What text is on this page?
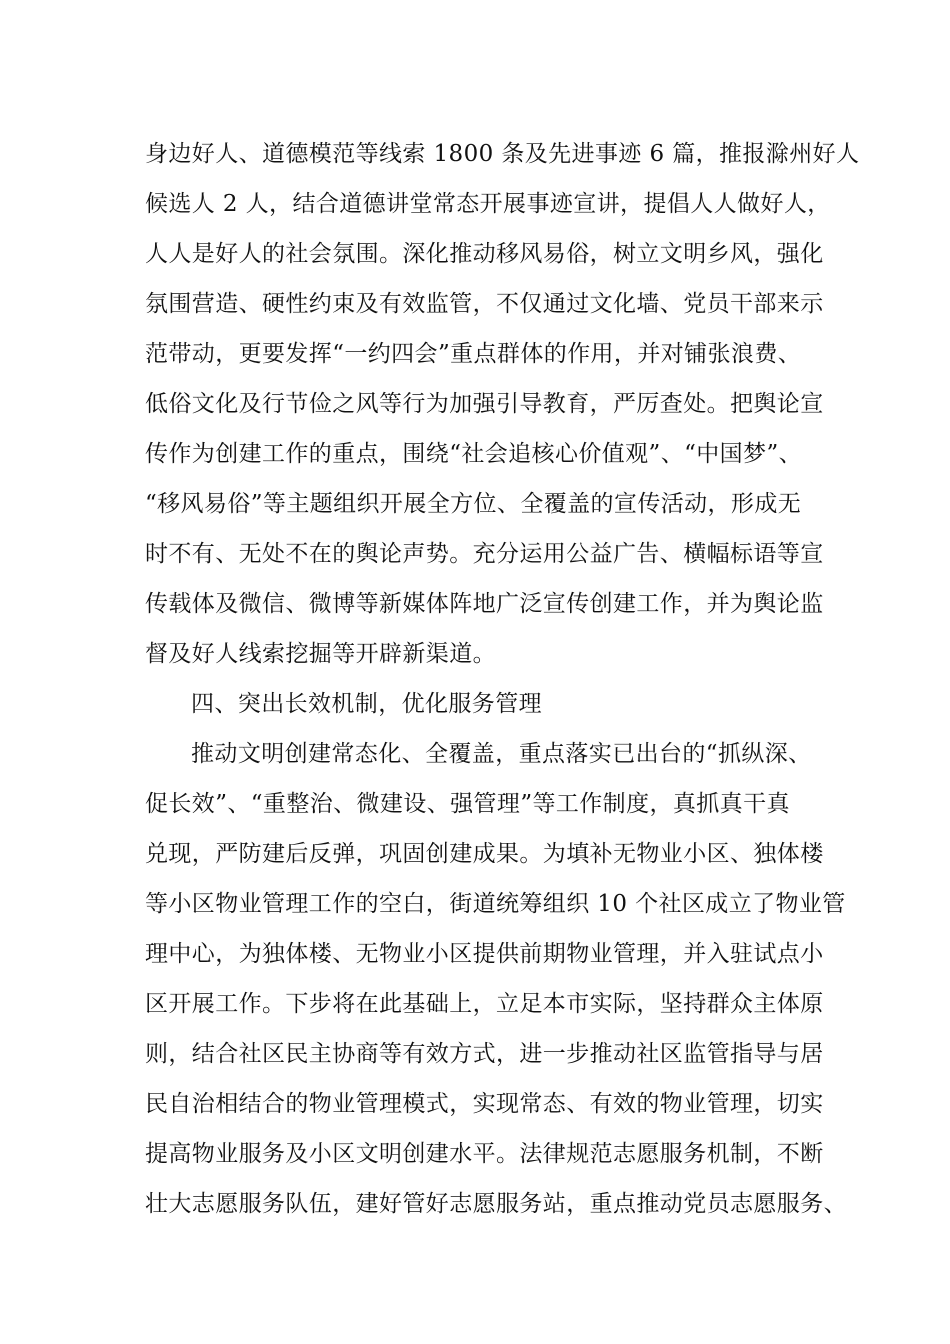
身边好人、道德模范等线索 1800 条及先进事迹 6 篇，推报滁州好人
候选人 2 人，结合道德讲堂常态开展事迹宣讲，提倡人人做好人，
人人是好人的社会氛围。深化推动移风易俗，树立文明乡风，强化
氛围营造、硬性约束及有效监管，不仅通过文化墙、党员干部来示
范带动，更要发挥“一约四会”重点群体的作用，并对铺张浪费、
低俗文化及行节俭之风等行为加强引导教育，严厉查处。把舆论宣
传作为创建工作的重点，围绕“社会追核心价值观”、“中国梦”、
“移风易俗”等主题组织开展全方位、全覆盖的宣传活动，形成无
时不有、无处不在的舆论声势。充分运用公益广告、横幅标语等宣
传载体及微信、微博等新媒体阵地广泛宣传创建工作，并为舆论监
督及好人线索挖掘等开辟新渠道。
四、突出长效机制，优化服务管理
推动文明创建常态化、全覆盖，重点落实已出台的“抓纵深、
促长效”、“重整治、微建设、强管理”等工作制度，真抓真干真
兑现，严防建后反弹，巩固创建成果。为填补无物业小区、独体楼
等小区物业管理工作的空白，街道统筹组织 10 个社区成立了物业管
理中心，为独体楼、无物业小区提供前期物业管理，并入驻试点小
区开展工作。下步将在此基础上，立足本市实际，坚持群众主体原
则，结合社区民主协商等有效方式，进一步推动社区监管指导与居
民自治相结合的物业管理模式，实现常态、有效的物业管理，切实
提高物业服务及小区文明创建水平。法律规范志愿服务机制，不断
壮大志愿服务队伍，建好管好志愿服务站，重点推动党员志愿服务、
